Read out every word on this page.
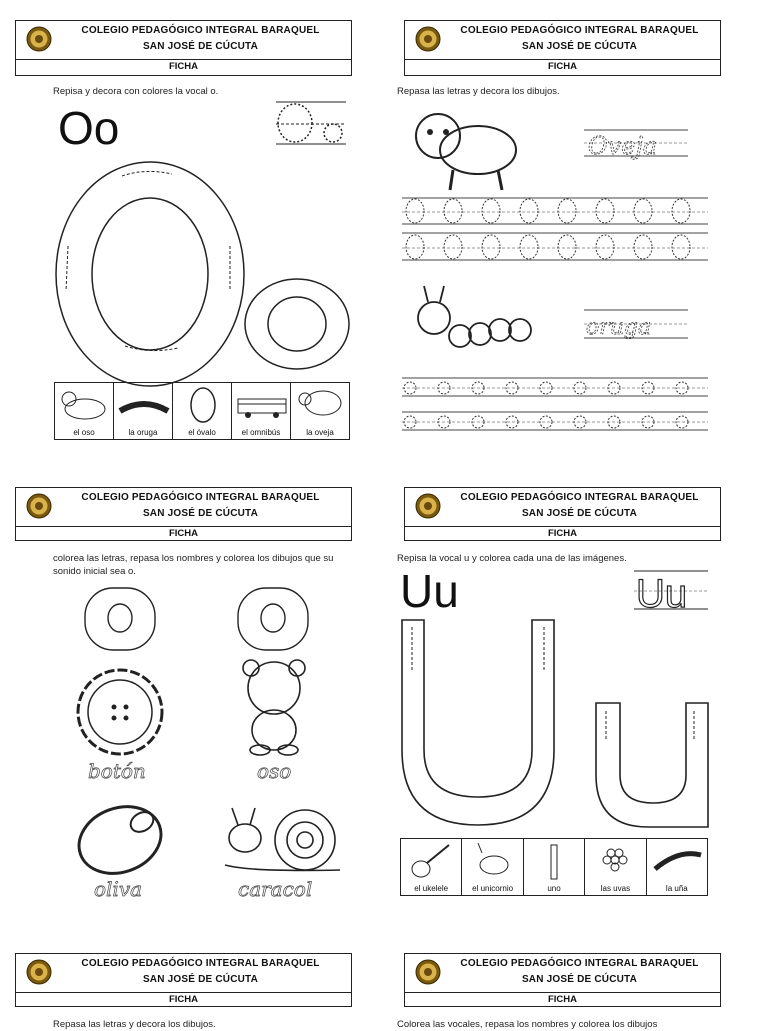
COLEGIO PEDAGÓGICO INTEGRAL BARAQUEL
SAN JOSÉ DE CÚCUTA
FICHA
COLEGIO PEDAGÓGICO INTEGRAL BARAQUEL
SAN JOSÉ DE CÚCUTA
FICHA
COLEGIO PEDAGÓGICO INTEGRAL BARAQUEL
SAN JOSÉ DE CÚCUTA
FICHA
COLEGIO PEDAGÓGICO INTEGRAL BARAQUEL
SAN JOSÉ DE CÚCUTA
FICHA
COLEGIO PEDAGÓGICO INTEGRAL BARAQUEL
SAN JOSÉ DE CÚCUTA
FICHA
COLEGIO PEDAGÓGICO INTEGRAL BARAQUEL
SAN JOSÉ DE CÚCUTA
FICHA
Repisa y decora con colores la vocal o.	Repasa las letras y decora los dibujos.
colorea las letras, repasa los nombres y colorea los dibujos que su sonido inicial sea o.
Repisa la vocal u y colorea cada una de las imágenes.
Repasa las letras y decora los dibujos.	Colorea las vocales, repasa los nombres y colorea los dibujos
Oo
el oso	la oruga	el óvalo	el omnibús	la oveja
Oveja
oruga
botón	oso
oliva	caracol
Uu	Uu
el ukelele	el unicornio	uno	las uvas	la uña
